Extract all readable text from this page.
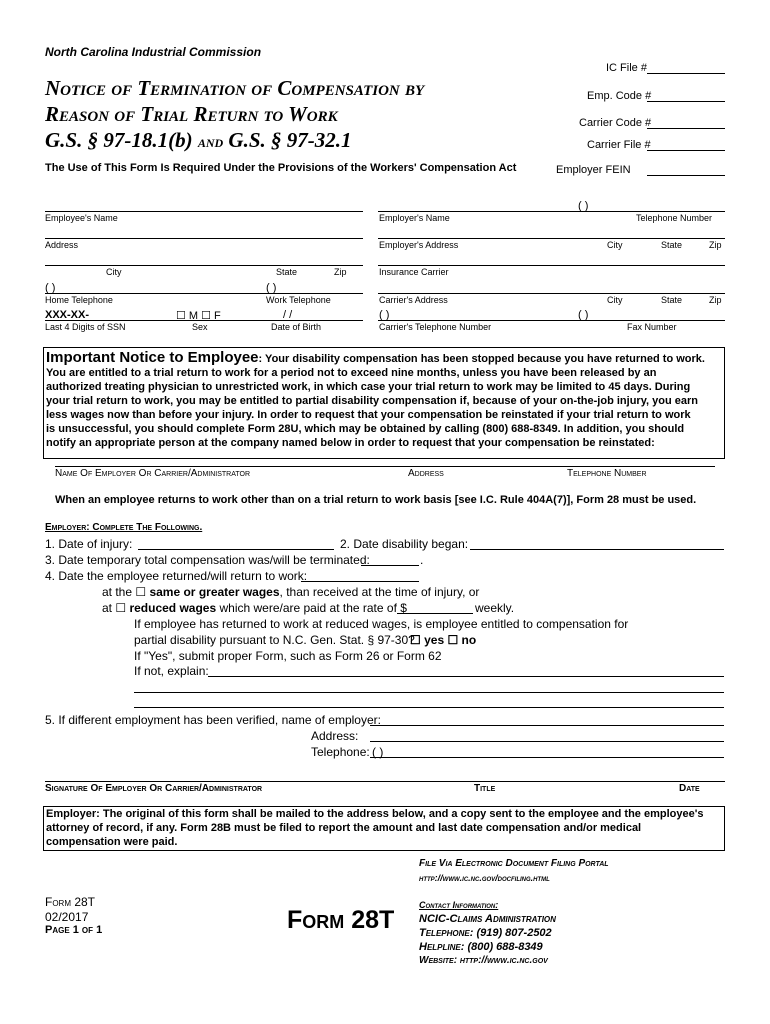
North Carolina Industrial Commission
Notice of Termination of Compensation by
Reason of Trial Return to Work
G.S. § 97-18.1(b) and G.S. § 97-32.1
The Use of This Form Is Required Under the Provisions of the Workers' Compensation Act
IC File #
Emp. Code #
Carrier Code #
Carrier File #
Employer FEIN
Employee's Name
Address
City	State	Zip
( )	( )
Home Telephone	Work Telephone
XXX-XX-	☐ M ☐ F	/ /
Last 4 Digits of SSN	Sex	Date of Birth
( )
Employer's Name	Telephone Number
Employer's Address	City	State	Zip
Insurance Carrier
Carrier's Address	City	State	Zip
( )	( )
Carrier's Telephone Number	Fax Number
Important Notice to Employee: Your disability compensation has been stopped because you have returned to work.
You are entitled to a trial return to work for a period not to exceed nine months, unless you have been released by an
authorized treating physician to unrestricted work, in which case your trial return to work may be limited to 45 days. During
your trial return to work, you may be entitled to partial disability compensation if, because of your on-the-job injury, you earn
less wages now than before your injury. In order to request that your compensation be reinstated if your trial return to work
is unsuccessful, you should complete Form 28U, which may be obtained by calling (800) 688-8349. In addition, you should
notify an appropriate person at the company named below in order to request that your compensation be reinstated:
Name Of Employer Or Carrier/Administrator	Address	Telephone Number
When an employee returns to work other than on a trial return to work basis [see I.C. Rule 404A(7)], Form 28 must be used.
Employer: Complete The Following.
1. Date of injury:	2. Date disability began:
3. Date temporary total compensation was/will be terminated:	.
4. Date the employee returned/will return to work:
at the ☐ same or greater wages, than received at the time of injury, or
at ☐ reduced wages which were/are paid at the rate of $	weekly.
If employee has returned to work at reduced wages, is employee entitled to compensation for
partial disability pursuant to N.C. Gen. Stat. § 97-30?
☐ yes ☐ no
If "Yes", submit proper Form, such as Form 26 or Form 62
If not, explain:
5. If different employment has been verified, name of employer:
Address:
Telephone: ( )
Signature Of Employer Or Carrier/Administrator	Title	Date
Employer: The original of this form shall be mailed to the address below, and a copy sent to the employee and the employee's
attorney of record, if any. Form 28B must be filed to report the amount and last date compensation and/or medical
compensation were paid.
File Via Electronic Document Filing Portal
http://www.ic.nc.gov/docfiling.html
Form 28T
02/2017
Page 1 of 1	Form 28T
Contact Information:
NCIC-Claims Administration
Telephone: (919) 807-2502
Helpline: (800) 688-8349
Website: http://www.ic.nc.gov
